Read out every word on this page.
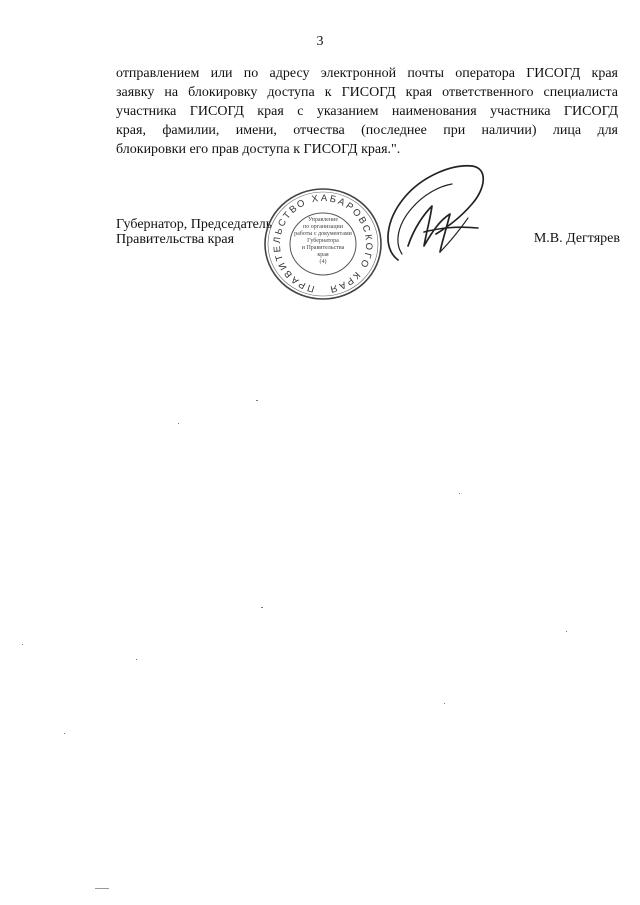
3
отправлением или по адресу электронной почты оператора ГИСОГД края
заявку на блокировку доступа к ГИСОГД края ответственного специалиста
участника ГИСОГД края с указанием наименования участника ГИСОГД
края, фамилии, имени, отчества (последнее при наличии) лица для
блокировки его прав доступа к ГИСОГД края.".
Губернатор, Председатель
Правительства края	М.В. Дегтярев
ПРАВИТЕЛЬСТВО ХАБАРОВСКОГО КРАЯ
Управление
по организации
работы с документами
Губернатора
и Правительства
края
(4)
